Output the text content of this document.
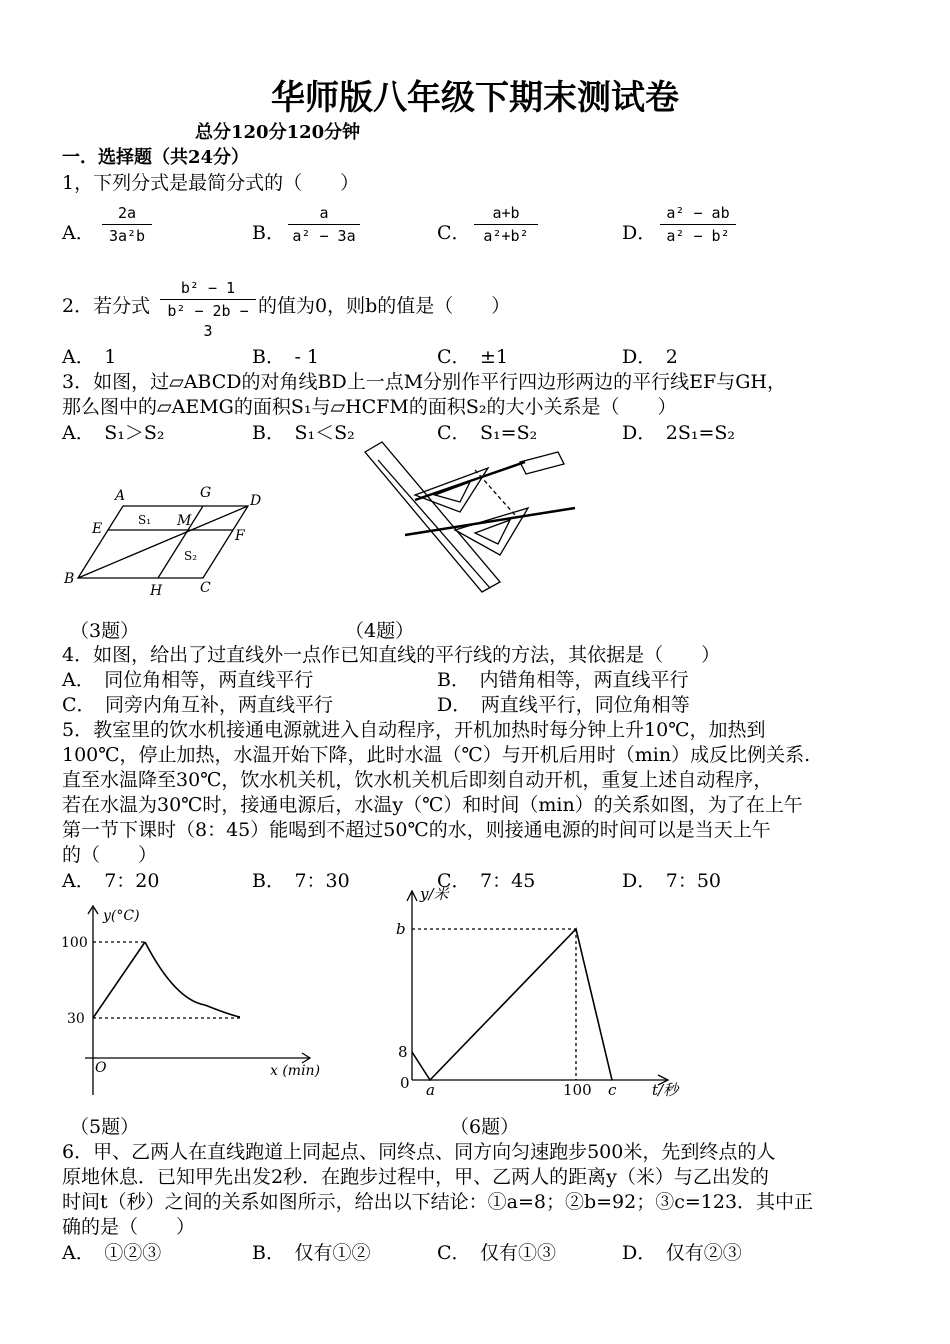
华师版八年级下期末测试卷
总分120分120分钟
一．选择题（共24分）
1，下列分式是最简分式的（　　）
A．
2a
3a²b	B．
a
a² − 3a	C．
a+b
a²+b²	D．
a² − ab
a² − b²
2．若分式
b² − 1
b² − 2b − 3
的值为0，则b的值是（　　）
A．　1	B．　- 1	C．　±1	D．　2
3．如图，过▱ABCD的对角线BD上一点M分别作平行四边形两边的平行线EF与GH，
那么图中的▱AEMG的面积S₁与▱HCFM的面积S₂的大小关系是（　　）
A．　S₁＞S₂	B．　S₁＜S₂	C．　S₁=S₂	D．　2S₁=S₂
A	G	D
E	M
F
B
H	C
S₁
S₂
（3题）	（4题）
4．如图，给出了过直线外一点作已知直线的平行线的方法，其依据是（　　）
A．　同位角相等，两直线平行	B．　内错角相等，两直线平行
C．　同旁内角互补，两直线平行	D．　两直线平行，同位角相等
5．教室里的饮水机接通电源就进入自动程序，开机加热时每分钟上升10℃，加热到
100℃，停止加热，水温开始下降，此时水温（℃）与开机后用时（min）成反比例关系.
直至水温降至30℃，饮水机关机，饮水机关机后即刻自动开机，重复上述自动程序，
若在水温为30℃时，接通电源后，水温y（℃）和时间（min）的关系如图，为了在上午
第一节下课时（8：45）能喝到不超过50℃的水，则接通电源的时间可以是当天上午
的（　　）
A．　7：20	B．　7：30	C．　7：45	D．　7：50
y(°C)
100
30
O	x (min)
y/米
b
8
0 a	100 c t/秒
（5题）	（6题）
6．甲、乙两人在直线跑道上同起点、同终点、同方向匀速跑步500米，先到终点的人
原地休息．已知甲先出发2秒．在跑步过程中，甲、乙两人的距离y（米）与乙出发的
时间t（秒）之间的关系如图所示，给出以下结论：①a=8；②b=92；③c=123．其中正
确的是（　　）
A．　①②③	B．　仅有①②	C．　仅有①③	D．　仅有②③
